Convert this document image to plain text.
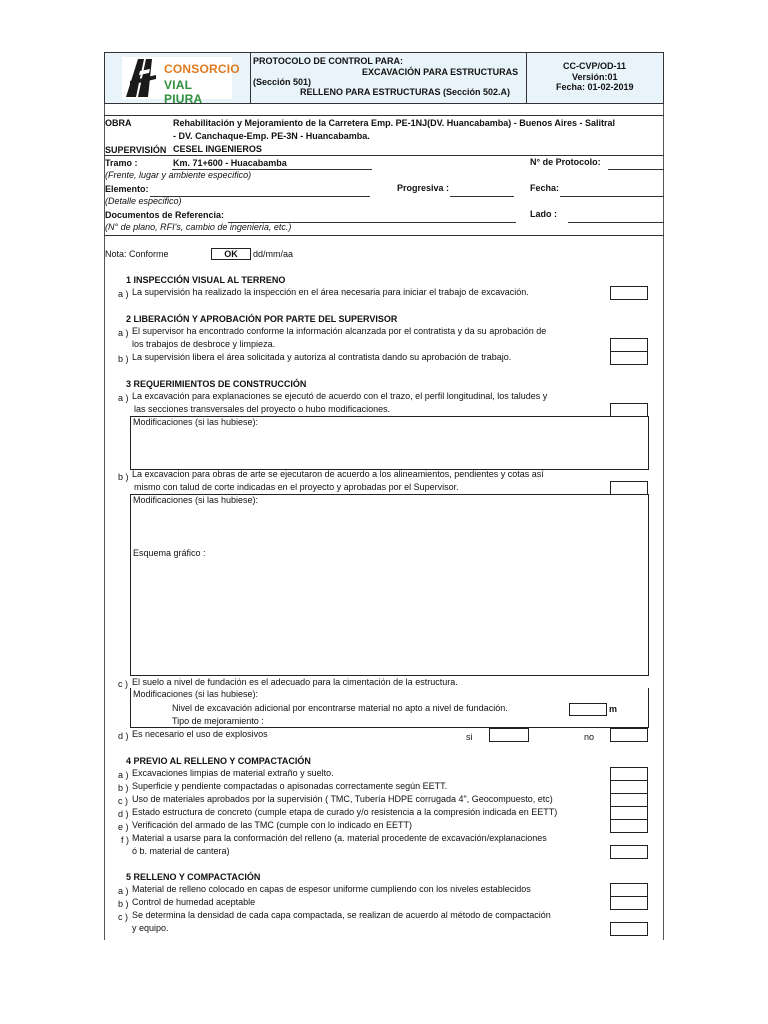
CONSORCIO
VIAL PIURA
PROTOCOLO DE CONTROL PARA:
EXCAVACIÓN PARA ESTRUCTURAS
(Sección 501)
RELLENO PARA ESTRUCTURAS (Sección 502.A)
CC-CVP/OD-11
Versión:01
Fecha: 01-02-2019
OBRA	Rehabilitación y Mejoramiento de la Carretera Emp. PE-1NJ(DV. Huancabamba) - Buenos Aires - Salitral
- DV. Canchaque-Emp. PE-3N - Huancabamba.
SUPERVISIÓN CESEL INGENIEROS
Tramo :	Km. 71+600 - Huacabamba	N° de Protocolo:
(Frente, lugar y ambiente especifico)
Elemento:	Progresiva :	Fecha:
(Detalle especifico)
Documentos de Referencia:	Lado :
(N° de plano, RFI's, cambio de ingenieria, etc.)
Nota: Conforme	OK	dd/mm/aa
1 INSPECCIÓN VISUAL AL TERRENO
a ) La supervisión ha realizado la inspección en el área necesaria para iniciar el trabajo de excavación.
2 LIBERACIÓN Y APROBACIÓN POR PARTE DEL SUPERVISOR
a ) El supervisor ha encontrado conforme la información alcanzada por el contratista y da su aprobación de
los trabajos de desbroce y limpieza.
b ) La supervisión libera el área solicitada y autoriza al contratista dando su aprobación de trabajo.
3 REQUERIMIENTOS DE CONSTRUCCIÓN
a ) La excavación para explanaciones se ejecutó de acuerdo con el trazo, el perfil longitudinal, los taludes y
las secciones transversales del proyecto o hubo modificaciones.
Modificaciones (si las hubiese):
b ) La excavacion para obras de arte se ejecutaron de acuerdo a los alineamientos, pendientes y cotas así
mismo con talud de corte indicadas en el proyecto y aprobadas por el Supervisor.
Modificaciones (si las hubiese):
Esquema gráfico :
c ) El suelo a nivel de fundación es el adecuado para la cimentación de la estructura.
Modificaciones (si las hubiese):
Nivel de excavación adicional por encontrarse material no apto a nivel de fundación.	m
Tipo de mejoramiento :
d ) Es necesario el uso de explosivos	si	no
4 PREVIO AL RELLENO Y COMPACTACIÓN
a ) Excavaciones limpias de material extraño y suelto.
b ) Superficie y pendiente compactadas o apisonadas correctamente según EETT.
c ) Uso de materiales aprobados por la supervisión ( TMC, Tubería HDPE corrugada 4", Geocompuesto, etc)
d ) Estado estructura de concreto (cumple etapa de curado y/o resistencia a la compresión indicada en EETT)
e ) Verificación del armado de las TMC (cumple con lo indicado en EETT)
f ) Material a usarse para la conformación del relleno (a. material procedente de excavación/explanaciones
ó b. material de cantera)
5 RELLENO Y COMPACTACIÓN
a ) Material de relleno colocado en capas de espesor uniforme cumpliendo con los niveles establecidos
b ) Control de humedad aceptable
c ) Se determina la densidad de cada capa compactada, se realizan de acuerdo al método de compactación
y equipo.
